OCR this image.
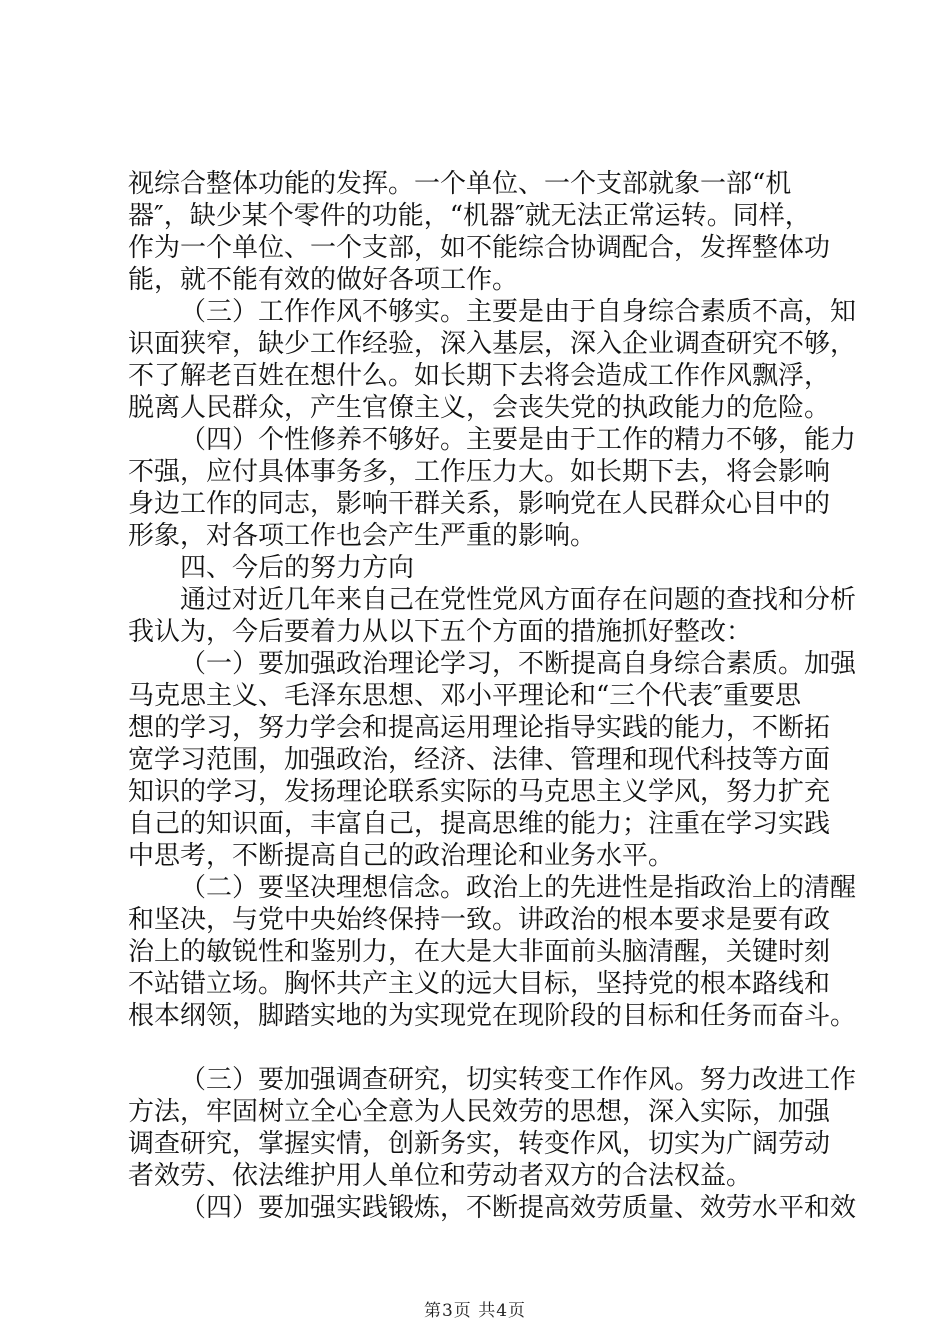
视综合整体功能的发挥。一个单位、一个支部就象一部“机
器″，缺少某个零件的功能，“机器″就无法正常运转。同样，
作为一个单位、一个支部，如不能综合协调配合，发挥整体功
能，就不能有效的做好各项工作。
（三）工作作风不够实。主要是由于自身综合素质不高，知
识面狭窄，缺少工作经验，深入基层，深入企业调查研究不够，
不了解老百姓在想什么。如长期下去将会造成工作作风飘浮，
脱离人民群众，产生官僚主义，会丧失党的执政能力的危险。
（四）个性修养不够好。主要是由于工作的精力不够，能力
不强，应付具体事务多，工作压力大。如长期下去，将会影响
身边工作的同志，影响干群关系，影响党在人民群众心目中的
形象，对各项工作也会产生严重的影响。
四、今后的努力方向
通过对近几年来自己在党性党风方面存在问题的查找和分析
我认为，今后要着力从以下五个方面的措施抓好整改：
（一）要加强政治理论学习，不断提高自身综合素质。加强
马克思主义、毛泽东思想、邓小平理论和“三个代表″重要思
想的学习，努力学会和提高运用理论指导实践的能力，不断拓
宽学习范围，加强政治，经济、法律、管理和现代科技等方面
知识的学习，发扬理论联系实际的马克思主义学风，努力扩充
自己的知识面，丰富自己，提高思维的能力；注重在学习实践
中思考，不断提高自己的政治理论和业务水平。
（二）要坚决理想信念。政治上的先进性是指政治上的清醒
和坚决，与党中央始终保持一致。讲政治的根本要求是要有政
治上的敏锐性和鉴别力，在大是大非面前头脑清醒，关键时刻
不站错立场。胸怀共产主义的远大目标，坚持党的根本路线和
根本纲领，脚踏实地的为实现党在现阶段的目标和任务而奋斗。
（三）要加强调查研究，切实转变工作作风。努力改进工作
方法，牢固树立全心全意为人民效劳的思想，深入实际，加强
调查研究，掌握实情，创新务实，转变作风，切实为广阔劳动
者效劳、依法维护用人单位和劳动者双方的合法权益。
（四）要加强实践锻炼，不断提高效劳质量、效劳水平和效
第3页 共4页
